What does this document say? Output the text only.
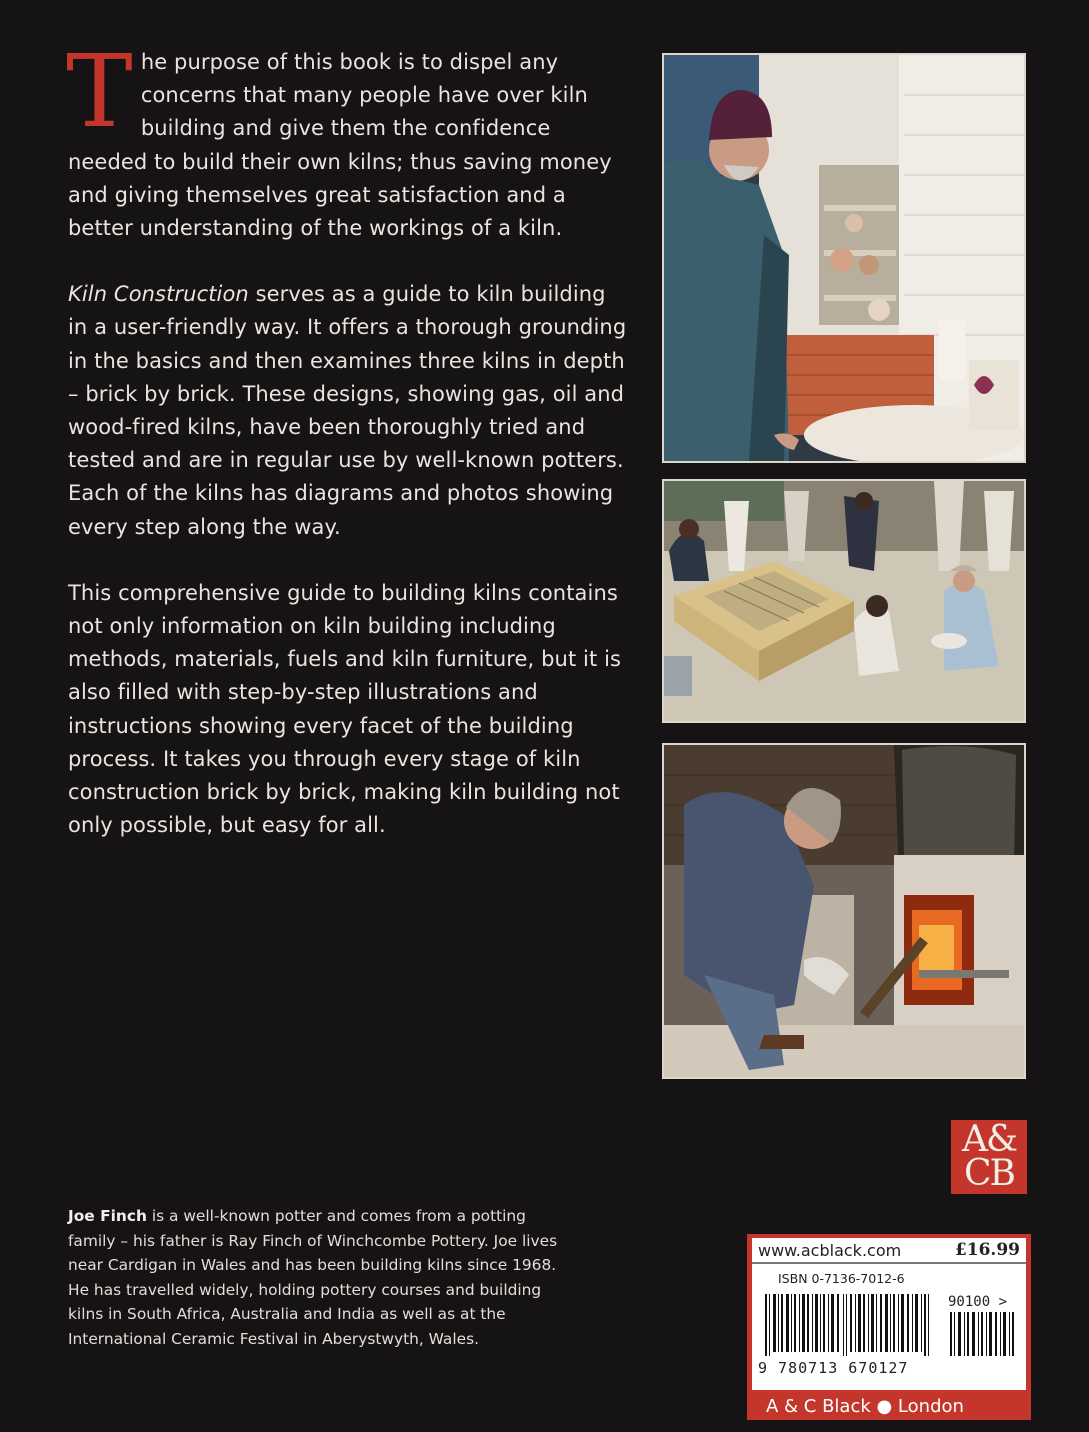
The purpose of this book is to dispel any concerns that many people have over kiln building and give them the confidence needed to build their own kilns; thus saving money and giving themselves great satisfaction and a better understanding of the workings of a kiln.

Kiln Construction serves as a guide to kiln building in a user-friendly way. It offers a thorough grounding in the basics and then examines three kilns in depth – brick by brick. These designs, showing gas, oil and wood-fired kilns, have been thoroughly tried and tested and are in regular use by well-known potters. Each of the kilns has diagrams and photos showing every step along the way.

This comprehensive guide to building kilns contains not only information on kiln building including methods, materials, fuels and kiln furniture, but it is also filled with step-by-step illustrations and instructions showing every facet of the building process. It takes you through every stage of kiln construction brick by brick, making kiln building not only possible, but easy for all.

Joe Finch is a well-known potter and comes from a potting family – his father is Ray Finch of Winchcombe Pottery. Joe lives near Cardigan in Wales and has been building kilns since 1968. He has travelled widely, holding pottery courses and building kilns in South Africa, Australia and India as well as at the International Ceramic Festival in Aberystwyth, Wales.
A&
CB
www.acblack.com	£16.99
ISBN 0-7136-7012-6
90100 >
9 780713 670127
A & C Black ● London
